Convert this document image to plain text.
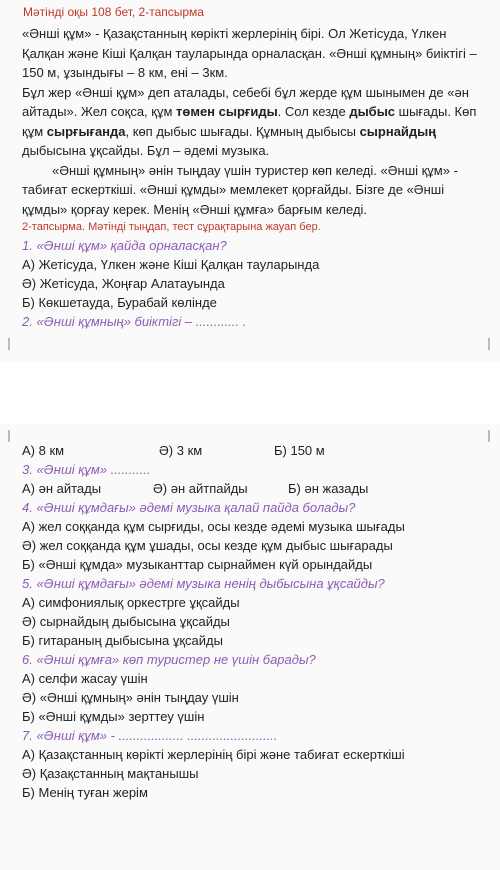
Мәтінді оқы 108 бет, 2-тапсырма

«Әнші құм» - Қазақстанның көрікті жерлерінің бірі. Ол Жетісуда, Үлкен Қалқан және Кіші Қалқан тауларында орналасқан. «Әнші құмның» биіктігі – 150 м, ұзындығы – 8 км, ені – 3км.

Бұл жер «Әнші құм» деп аталады, себебі бұл жерде құм шынымен де «ән айтады». Жел соқса, құм төмен сырғиды. Сол кезде дыбыс шығады. Көп құм сырғығанда, көп дыбыс шығады. Құмның дыбысы сырнайдың дыбысына ұқсайды. Бұл – әдемі музыка.

«Әнші құмның» әнін тыңдау үшін туристер көп келеді. «Әнші құм» - табиғат ескерткіші. «Әнші құмды» мемлекет қорғайды. Бізге де «Әнші құмды» қорғау керек. Менің «Әнші құмға» барғым келеді.

2-тапсырма. Мәтінді тыңдап, тест сұрақтарына жауап бер.
1. «Әнші құм» қайда орналасқан?
А) Жетісуда, Үлкен және Кіші Қалқан тауларында
Ә) Жетісуда, Жоңғар Алатауында
Б) Көкшетауда, Бурабай көлінде
2. «Әнші құмның» биіктігі – ............ .
А) 8 км	Ә) 3 км	Б) 150 м
3. «Әнші құм» ...........
А) ән айтады	Ә) ән айтпайды	Б) ән жазады
4. «Әнші құмдағы» әдемі музыка қалай пайда болады?
А) жел соққанда құм сырғиды, осы кезде әдемі музыка шығады
Ә) жел соққанда құм ұшады, осы кезде құм дыбыс шығарады
Б) «Әнші құмда» музыканттар сырнаймен күй орындайды
5. «Әнші құмдағы» әдемі музыка ненің дыбысына ұқсайды?
А) симфониялық оркестрге ұқсайды
Ә) сырнайдың дыбысына ұқсайды
Б) гитараның дыбысына ұқсайды
6. «Әнші құмға» көп туристер не үшін барады?
А) селфи жасау үшін
Ә) «Әнші құмның» әнін тыңдау үшін
Б) «Әнші құмды» зерттеу үшін
7. «Әнші құм» - .................. .........................
А) Қазақстанның көрікті жерлерінің бірі және табиғат ескерткіші
Ә) Қазақстанның мақтанышы
Б) Менің туған жерім
